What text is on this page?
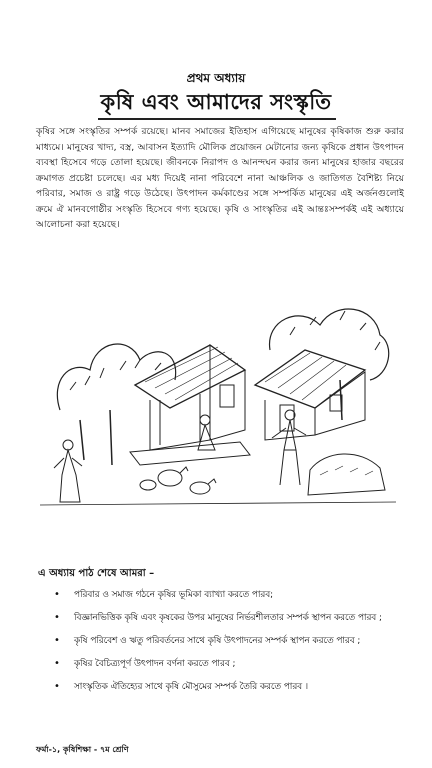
প্রথম অধ্যায়
কৃষি এবং আমাদের সংস্কৃতি

কৃষির সঙ্গে সংস্কৃতির সম্পর্ক রয়েছে। মানব সমাজের ইতিহাস এগিয়েছে মানুষের কৃষিকাজ শুরু করার মাধ্যমে। মানুষের খাদ্য, বস্ত্র, আবাসন ইত্যাদি মৌলিক প্রয়োজন মেটানোর জন্য কৃষিকে প্রধান উৎপাদন ব্যবস্থা হিসেবে গড়ে তোলা হয়েছে। জীবনকে নিরাপদ ও আনন্দঘন করার জন্য মানুষের হাজার বছরের ক্রমাগত প্রচেষ্টা চলেছে। এর মধ্য দিয়েই নানা পরিবেশে নানা আঞ্চলিক ও জাতিগত বৈশিষ্ট্য নিয়ে পরিবার, সমাজ ও রাষ্ট্র গড়ে উঠেছে। উৎপাদন কর্মকাণ্ডের সঙ্গে সম্পর্কিত মানুষের এই অর্জনগুলোই ক্রমে ঐ মানবগোষ্ঠীর সংস্কৃতি হিসেবে গণ্য হয়েছে। কৃষি ও সাংস্কৃতির এই আন্তঃসম্পর্কই এই অধ্যায়ে আলোচনা করা হয়েছে।

এ অধ্যায় পাঠ শেষে আমরা –
• পরিবার ও সমাজ গঠনে কৃষির ভূমিকা ব্যাখ্যা করতে পারব;
• বিজ্ঞানভিত্তিক কৃষি এবং কৃষকের উপর মানুষের নির্ভরশীলতার সম্পর্ক স্থাপন করতে পারব ;
• কৃষি পরিবেশ ও ঋতু পরিবর্তনের সাথে কৃষি উৎপাদনের সম্পর্ক স্থাপন করতে পারব ;
• কৃষির বৈচিত্র্যপূর্ণ উৎপাদন বর্ণনা করতে পারব ;
• সাংস্কৃতিক ঐতিহ্যের সাথে কৃষি মৌসুমের সম্পর্ক তৈরি করতে পারব ।
ফর্মা-১, কৃষিশিক্ষা - ৭ম শ্রেণি
